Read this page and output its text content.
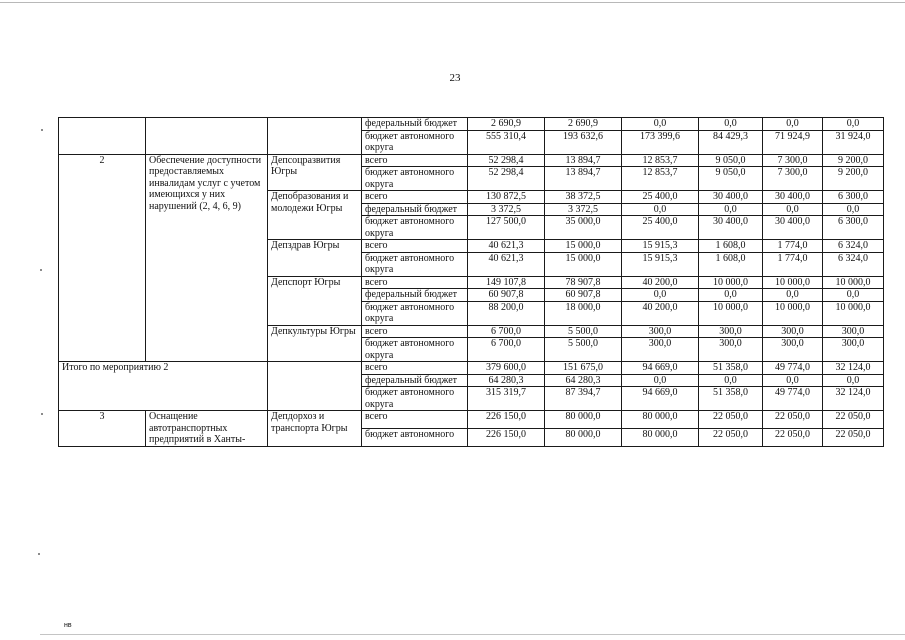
23
			федеральный бюджет	2 690,9	2 690,9	0,0	0,0	0,0	0,0
			бюджет автономного округа	555 310,4	193 632,6	173 399,6	84 429,3	71 924,9	31 924,0
2	Обеспечение доступности предоставляемых инвалидам услуг с учетом имеющихся у них нарушений (2, 4, 6, 9)	Депсоцразвития Югры	всего	52 298,4	13 894,7	12 853,7	9 050,0	7 300,0	9 200,0
			бюджет автономного округа	52 298,4	13 894,7	12 853,7	9 050,0	7 300,0	9 200,0
		Депобразования и молодежи Югры	всего	130 872,5	38 372,5	25 400,0	30 400,0	30 400,0	6 300,0
			федеральный бюджет	3 372,5	3 372,5	0,0	0,0	0,0	0,0
			бюджет автономного округа	127 500,0	35 000,0	25 400,0	30 400,0	30 400,0	6 300,0
		Депздрав Югры	всего	40 621,3	15 000,0	15 915,3	1 608,0	1 774,0	6 324,0
			бюджет автономного округа	40 621,3	15 000,0	15 915,3	1 608,0	1 774,0	6 324,0
		Депспорт Югры	всего	149 107,8	78 907,8	40 200,0	10 000,0	10 000,0	10 000,0
			федеральный бюджет	60 907,8	60 907,8	0,0	0,0	0,0	0,0
			бюджет автономного округа	88 200,0	18 000,0	40 200,0	10 000,0	10 000,0	10 000,0
		Депкультуры Югры	всего	6 700,0	5 500,0	300,0	300,0	300,0	300,0
			бюджет автономного округа	6 700,0	5 500,0	300,0	300,0	300,0	300,0
Итого по мероприятию 2			всего	379 600,0	151 675,0	94 669,0	51 358,0	49 774,0	32 124,0
			федеральный бюджет	64 280,3	64 280,3	0,0	0,0	0,0	0,0
			бюджет автономного округа	315 319,7	87 394,7	94 669,0	51 358,0	49 774,0	32 124,0
3	Оснащение автотранспортных предприятий в Ханты-	Депдорхоз и транспорта Югры	всего	226 150,0	80 000,0	80 000,0	22 050,0	22 050,0	22 050,0
			бюджет автономного	226 150,0	80 000,0	80 000,0	22 050,0	22 050,0	22 050,0
нв
